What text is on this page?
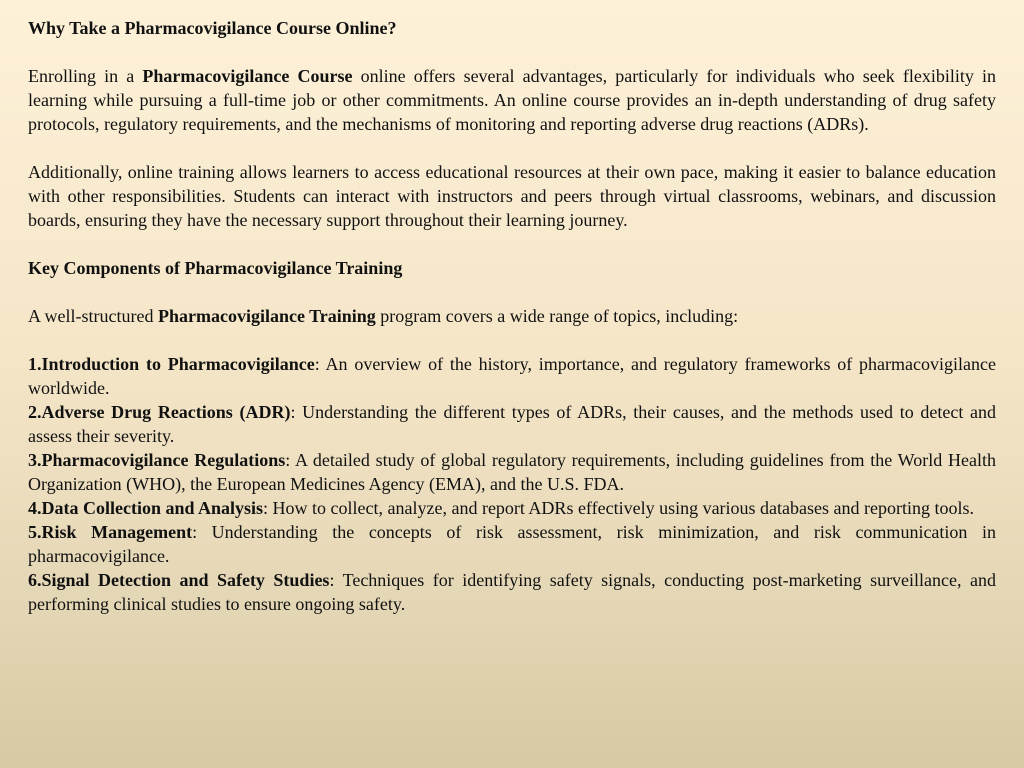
Why Take a Pharmacovigilance Course Online?

Enrolling in a Pharmacovigilance Course online offers several advantages, particularly for individuals who seek flexibility in learning while pursuing a full-time job or other commitments. An online course provides an in-depth understanding of drug safety protocols, regulatory requirements, and the mechanisms of monitoring and reporting adverse drug reactions (ADRs).

Additionally, online training allows learners to access educational resources at their own pace, making it easier to balance education with other responsibilities. Students can interact with instructors and peers through virtual classrooms, webinars, and discussion boards, ensuring they have the necessary support throughout their learning journey.

Key Components of Pharmacovigilance Training

A well-structured Pharmacovigilance Training program covers a wide range of topics, including:

1.Introduction to Pharmacovigilance: An overview of the history, importance, and regulatory frameworks of pharmacovigilance worldwide.
2.Adverse Drug Reactions (ADR): Understanding the different types of ADRs, their causes, and the methods used to detect and assess their severity.
3.Pharmacovigilance Regulations: A detailed study of global regulatory requirements, including guidelines from the World Health Organization (WHO), the European Medicines Agency (EMA), and the U.S. FDA.
4.Data Collection and Analysis: How to collect, analyze, and report ADRs effectively using various databases and reporting tools.
5.Risk Management: Understanding the concepts of risk assessment, risk minimization, and risk communication in pharmacovigilance.
6.Signal Detection and Safety Studies: Techniques for identifying safety signals, conducting post-marketing surveillance, and performing clinical studies to ensure ongoing safety.
